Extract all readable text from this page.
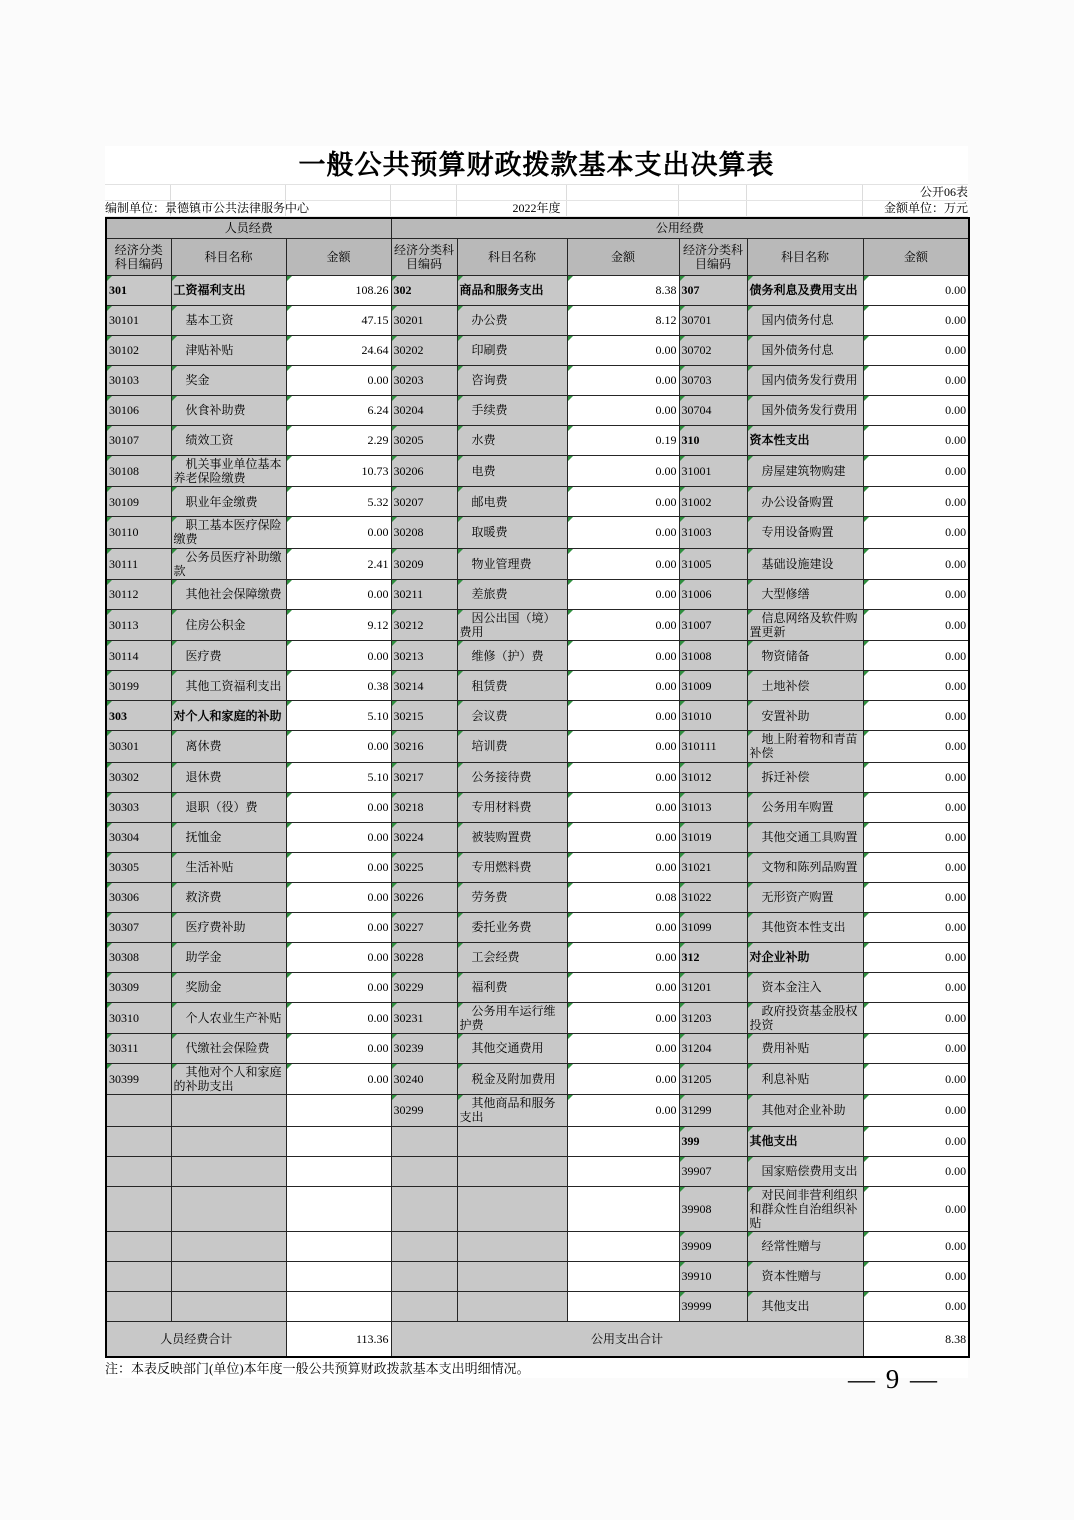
一般公共预算财政拨款基本支出决算表
公开06表
编制单位：景德镇市公共法律服务中心	2022年度	金额单位：万元
人员经费			公用经费					
经济分类科目编码	科目名称	金额	经济分类科目编码	科目名称	金额	经济分类科目编码	科目名称	金额
301	工资福利支出	108.26	302	商品和服务支出	8.38	307	债务利息及费用支出	0.00
30101	基本工资	47.15	30201	办公费	8.12	30701	国内债务付息	0.00
30102	津贴补贴	24.64	30202	印刷费	0.00	30702	国外债务付息	0.00
30103	奖金	0.00	30203	咨询费	0.00	30703	国内债务发行费用	0.00
30106	伙食补助费	6.24	30204	手续费	0.00	30704	国外债务发行费用	0.00
30107	绩效工资	2.29	30205	水费	0.19	310	资本性支出	0.00
30108	机关事业单位基本养老保险缴费	10.73	30206	电费	0.00	31001	房屋建筑物购建	0.00
30109	职业年金缴费	5.32	30207	邮电费	0.00	31002	办公设备购置	0.00
30110	职工基本医疗保险缴费	0.00	30208	取暖费	0.00	31003	专用设备购置	0.00
30111	公务员医疗补助缴款	2.41	30209	物业管理费	0.00	31005	基础设施建设	0.00
30112	其他社会保障缴费	0.00	30211	差旅费	0.00	31006	大型修缮	0.00
30113	住房公积金	9.12	30212	因公出国（境）费用	0.00	31007	信息网络及软件购置更新	0.00
30114	医疗费	0.00	30213	维修（护）费	0.00	31008	物资储备	0.00
30199	其他工资福利支出	0.38	30214	租赁费	0.00	31009	土地补偿	0.00
303	对个人和家庭的补助	5.10	30215	会议费	0.00	31010	安置补助	0.00
30301	离休费	0.00	30216	培训费	0.00	310111	地上附着物和青苗补偿	0.00
30302	退休费	5.10	30217	公务接待费	0.00	31012	拆迁补偿	0.00
30303	退职（役）费	0.00	30218	专用材料费	0.00	31013	公务用车购置	0.00
30304	抚恤金	0.00	30224	被装购置费	0.00	31019	其他交通工具购置	0.00
30305	生活补贴	0.00	30225	专用燃料费	0.00	31021	文物和陈列品购置	0.00
30306	救济费	0.00	30226	劳务费	0.08	31022	无形资产购置	0.00
30307	医疗费补助	0.00	30227	委托业务费	0.00	31099	其他资本性支出	0.00
30308	助学金	0.00	30228	工会经费	0.00	312	对企业补助	0.00
30309	奖励金	0.00	30229	福利费	0.00	31201	资本金注入	0.00
30310	个人农业生产补贴	0.00	30231	公务用车运行维护费	0.00	31203	政府投资基金股权投资	0.00
30311	代缴社会保险费	0.00	30239	其他交通费用	0.00	31204	费用补贴	0.00
30399	其他对个人和家庭的补助支出	0.00	30240	税金及附加费用	0.00	31205	利息补贴	0.00
			30299	其他商品和服务支出	0.00	31299	其他对企业补助	0.00
						399	其他支出	0.00
						39907	国家赔偿费用支出	0.00
						39908	对民间非营利组织和群众性自治组织补贴	0.00
						39909	经常性赠与	0.00
						39910	资本性赠与	0.00
						39999	其他支出	0.00
人员经费合计		113.36	公用支出合计					8.38
注：本表反映部门(单位)本年度一般公共预算财政拨款基本支出明细情况。	— 9 —
